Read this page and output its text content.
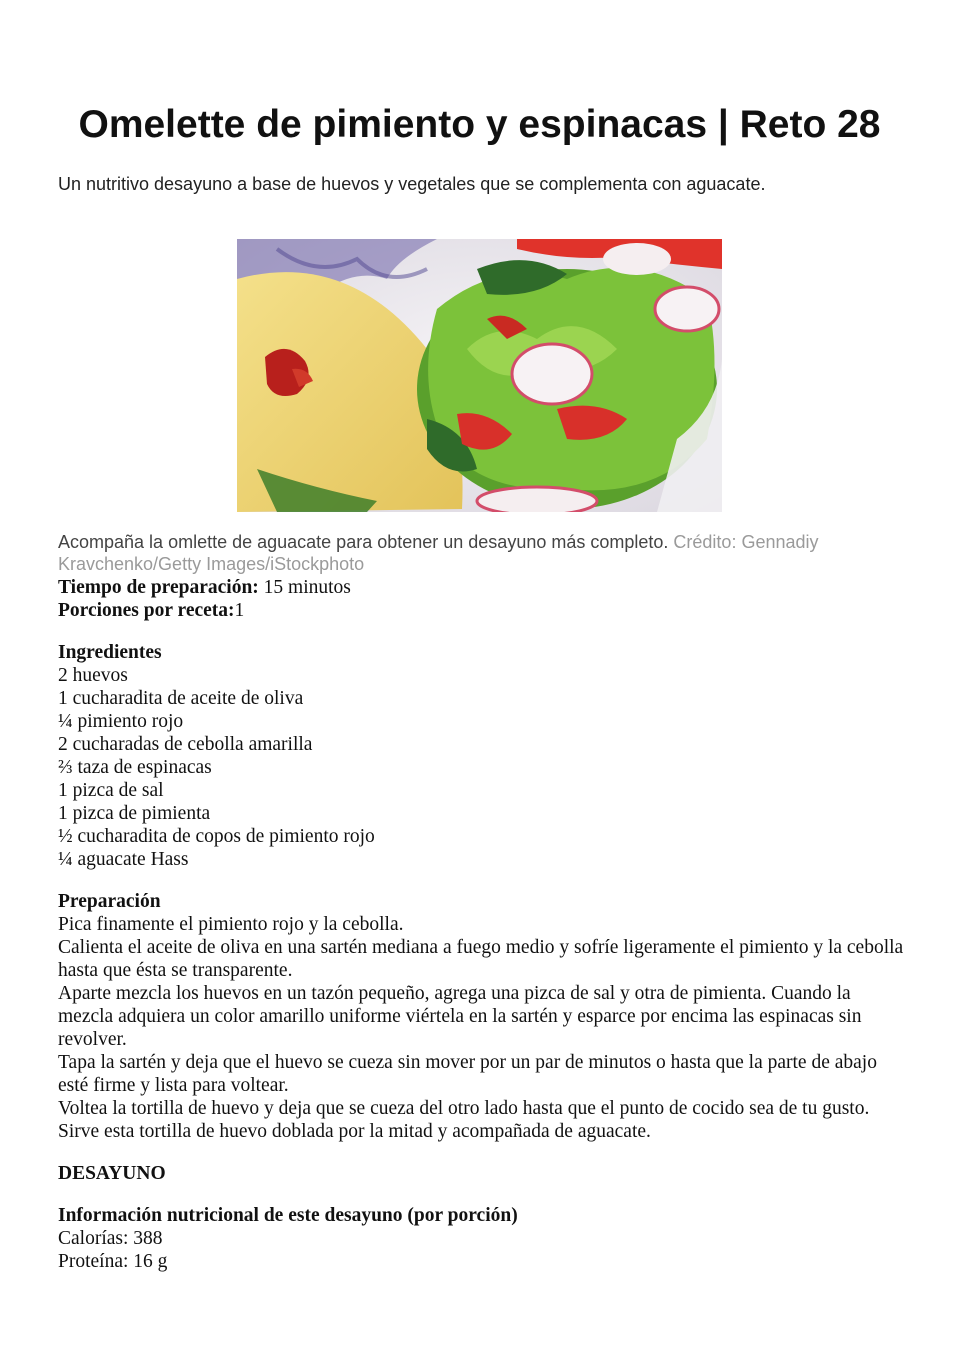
Omelette de pimiento y espinacas | Reto 28

Un nutritivo desayuno a base de huevos y vegetales que se complementa con aguacate.

Acompaña la omlette de aguacate para obtener un desayuno más completo. Crédito: Gennadiy Kravchenko/Getty Images/iStockphoto

Tiempo de preparación: 15 minutos

Porciones por receta:1

Ingredientes

2 huevos

1 cucharadita de aceite de oliva

¼ pimiento rojo

2 cucharadas de cebolla amarilla

⅔ taza de espinacas

1 pizca de sal

1 pizca de pimienta

½ cucharadita de copos de pimiento rojo

¼ aguacate Hass

Preparación

Pica finamente el pimiento rojo y la cebolla.

Calienta el aceite de oliva en una sartén mediana a fuego medio y sofríe ligeramente el pimiento y la cebolla hasta que ésta se transparente.

Aparte mezcla los huevos en un tazón pequeño, agrega una pizca de sal y otra de pimienta. Cuando la mezcla adquiera un color amarillo uniforme viértela en la sartén y esparce por encima las espinacas sin revolver.

Tapa la sartén y deja que el huevo se cueza sin mover por un par de minutos o hasta que la parte de abajo esté firme y lista para voltear.

Voltea la tortilla de huevo y deja que se cueza del otro lado hasta que el punto de cocido sea de tu gusto.

Sirve esta tortilla de huevo doblada por la mitad y acompañada de aguacate.

DESAYUNO

Información nutricional de este desayuno (por porción)

Calorías: 388

Proteína: 16 g
